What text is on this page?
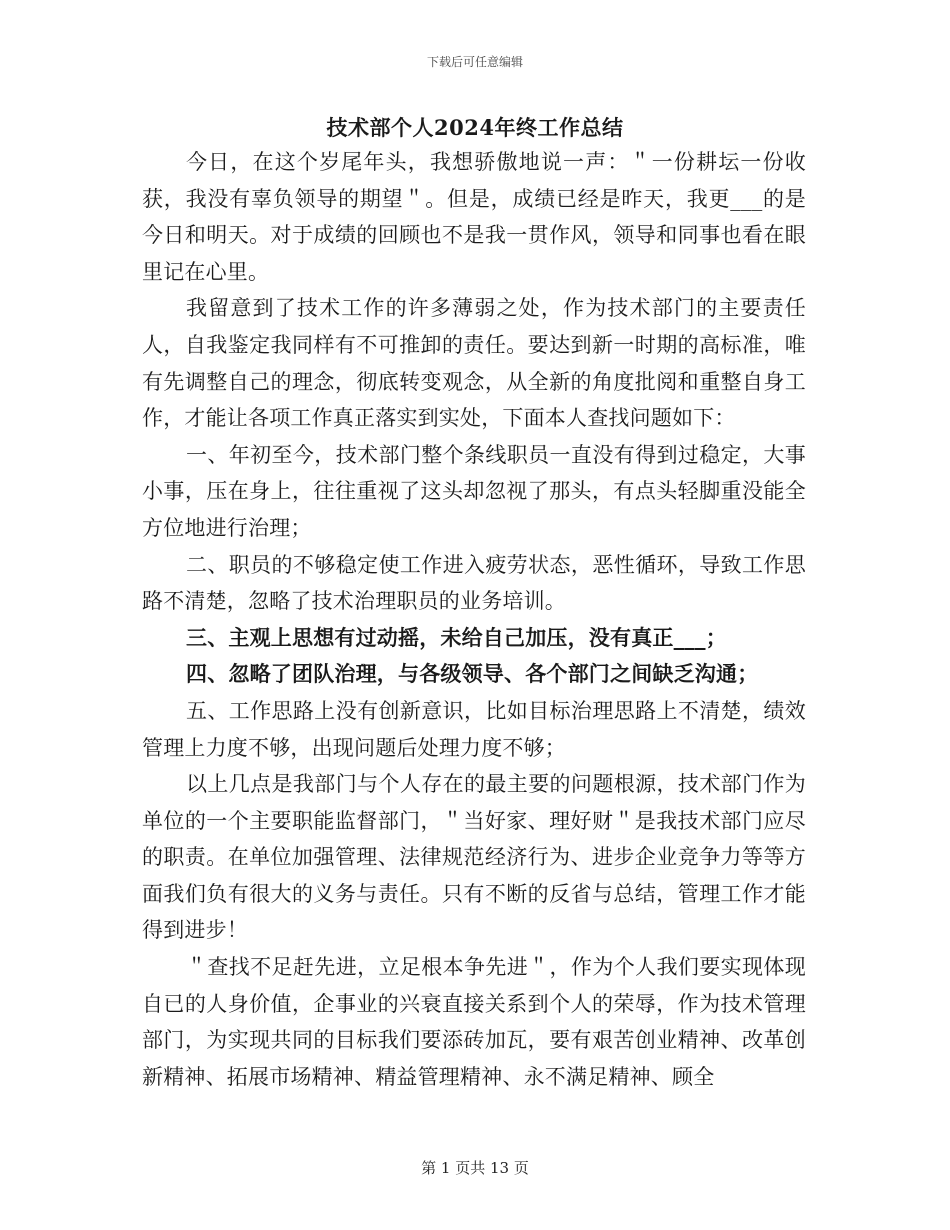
下载后可任意编辑
技术部个人2024年终工作总结

今日，在这个岁尾年头，我想骄傲地说一声：＂一份耕坛一份收获，我没有辜负领导的期望＂。但是，成绩已经是昨天，我更___的是今日和明天。对于成绩的回顾也不是我一贯作风，领导和同事也看在眼里记在心里。

我留意到了技术工作的许多薄弱之处，作为技术部门的主要责任人，自我鉴定我同样有不可推卸的责任。要达到新一时期的高标准，唯有先调整自己的理念，彻底转变观念，从全新的角度批阅和重整自身工作，才能让各项工作真正落实到实处，下面本人查找问题如下：

一、年初至今，技术部门整个条线职员一直没有得到过稳定，大事小事，压在身上，往往重视了这头却忽视了那头，有点头轻脚重没能全方位地进行治理；

二、职员的不够稳定使工作进入疲劳状态，恶性循环，导致工作思路不清楚，忽略了技术治理职员的业务培训。

三、主观上思想有过动摇，未给自己加压，没有真正___；

四、忽略了团队治理，与各级领导、各个部门之间缺乏沟通；

五、工作思路上没有创新意识，比如目标治理思路上不清楚，绩效管理上力度不够，出现问题后处理力度不够；

以上几点是我部门与个人存在的最主要的问题根源，技术部门作为单位的一个主要职能监督部门，＂当好家、理好财＂是我技术部门应尽的职责。在单位加强管理、法律规范经济行为、进步企业竞争力等等方面我们负有很大的义务与责任。只有不断的反省与总结，管理工作才能得到进步！

＂查找不足赶先进，立足根本争先进＂，作为个人我们要实现体现自已的人身价值，企事业的兴衰直接关系到个人的荣辱，作为技术管理部门，为实现共同的目标我们要添砖加瓦，要有艰苦创业精神、改革创新精神、拓展市场精神、精益管理精神、永不满足精神、顾全

第 1 页共 13 页
